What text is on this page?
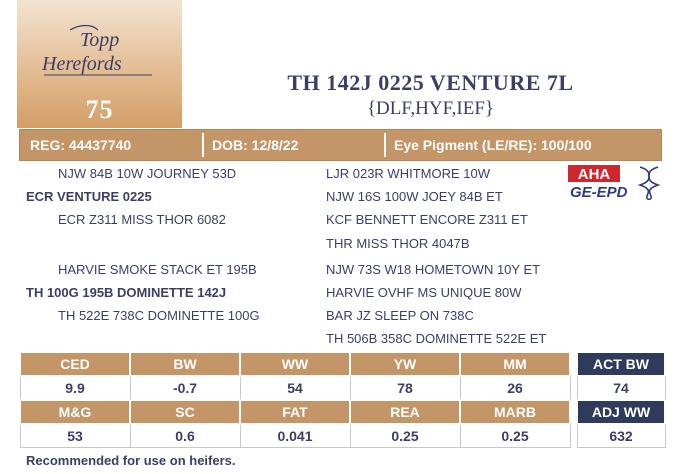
Topp
Herefords
75
TH 142J 0225 VENTURE 7L
{DLF,HYF,IEF}
REG: 44437740	DOB: 12/8/22	Eye Pigment (LE/RE): 100/100
NJW 84B 10W JOURNEY 53D
ECR VENTURE 0225
ECR Z311 MISS THOR 6082
HARVIE SMOKE STACK ET 195B
TH 100G 195B DOMINETTE 142J
TH 522E 738C DOMINETTE 100G
LJR 023R WHITMORE 10W
NJW 16S 100W JOEY 84B ET
KCF BENNETT ENCORE Z311 ET
THR MISS THOR 4047B
NJW 73S W18 HOMETOWN 10Y ET
HARVIE OVHF MS UNIQUE 80W
BAR JZ SLEEP ON 738C
TH 506B 358C DOMINETTE 522E ET
AHA
GE-EPD
CED	BW	WW	YW	MM
9.9	-0.7	54	78	26
M&G	SC	FAT	REA	MARB
53	0.6	0.041	0.25	0.25
ACT BW
74
ADJ WW
632
Recommended for use on heifers.
